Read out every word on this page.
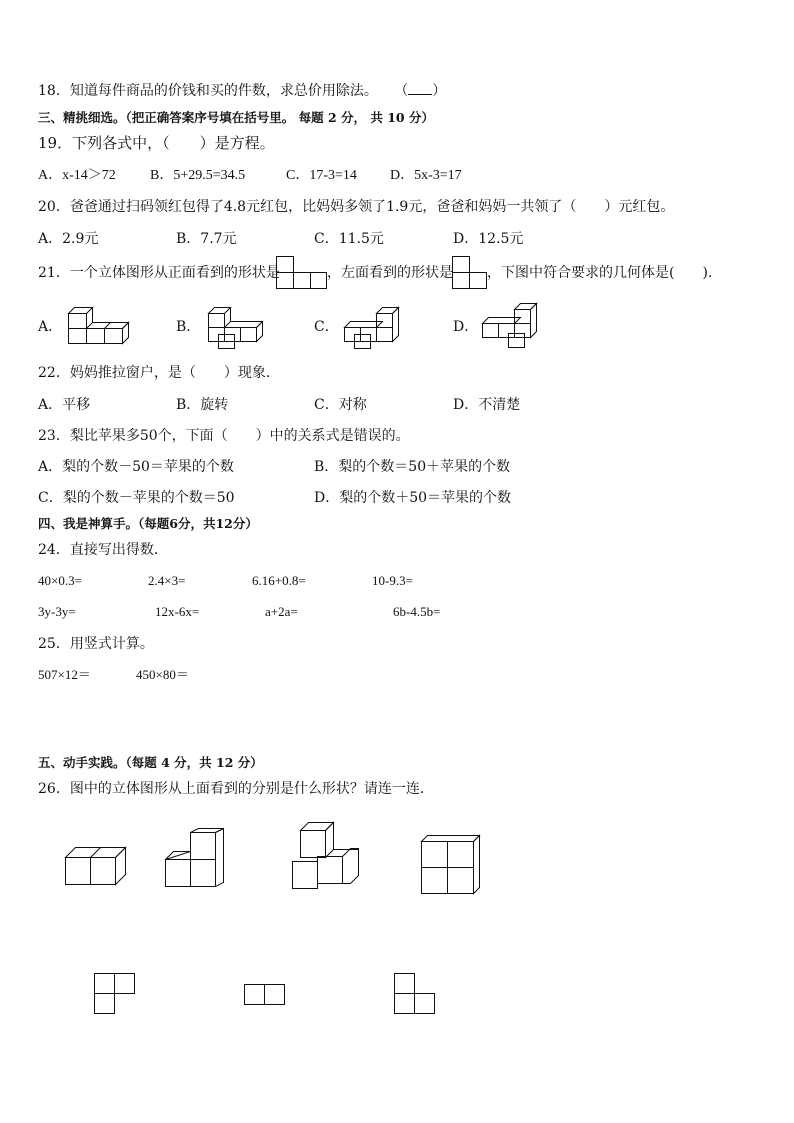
18．知道每件商品的价钱和买的件数，求总价用除法。 （ ）
三、精挑细选。（把正确答案序号填在括号里。 每题 2 分， 共 10 分）
19．下列各式中，（　　）是方程。
A．x-14＞72 B．5+29.5=34.5	C．17-3=14 D．5x-3=17
20．爸爸通过扫码领红包得了4.8元红包，比妈妈多领了1.9元，爸爸和妈妈一共领了（　　）元红包。
A．2.9元	B．7.7元	C．11.5元	D．12.5元
21．一个立体图形从正面看到的形状是	，左面看到的形状是 ，下图中符合要求的几何体是(　　).
A．	B．	C．	D．
22．妈妈推拉窗户，是（　　）现象．
A．平移	B．旋转	C．对称	D．不清楚
23．梨比苹果多50个，下面（　　）中的关系式是错误的。
A．梨的个数－50＝苹果的个数	B．梨的个数＝50＋苹果的个数
C．梨的个数－苹果的个数＝50	D．梨的个数＋50＝苹果的个数
四、我是神算手。（每题6分，共12分）
24．直接写出得数．
40×0.3=	2.4×3=	6.16+0.8=	10-9.3=
3y-3y=	12x-6x=	a+2a=	6b-4.5b=
25．用竖式计算。
507×12＝	450×80＝
五、动手实践。（每题 4 分，共 12 分）
26．图中的立体图形从上面看到的分别是什么形状？请连一连．
